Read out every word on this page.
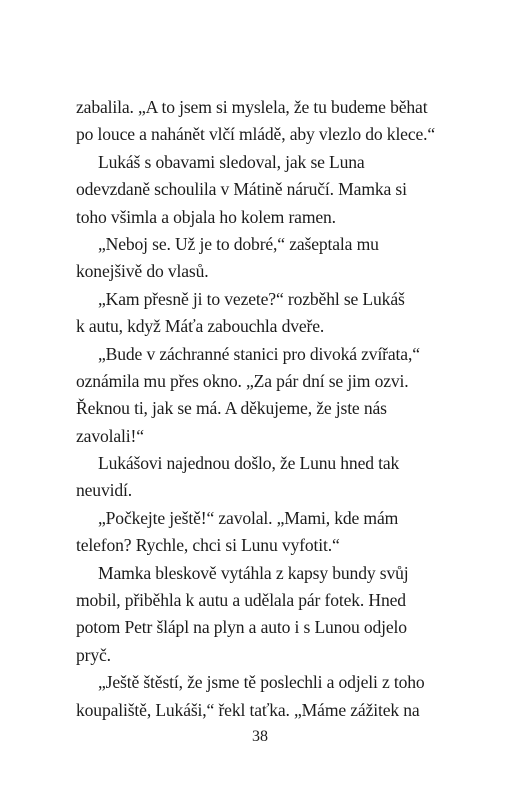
zabalila. „A to jsem si myslela, že tu budeme běhat
po louce a nahánět vlčí mládě, aby vlezlo do klece.“
Lukáš s obavami sledoval, jak se Luna
odevzdaně schoulila v Mátině náručí. Mamka si
toho všimla a objala ho kolem ramen.
„Neboj se. Už je to dobré,“ zašeptala mu
konejšivě do vlasů.
„Kam přesně ji to vezete?“ rozběhl se Lukáš
k autu, když Máťa zabouchla dveře.
„Bude v záchranné stanici pro divoká zvířata,“
oznámila mu přes okno. „Za pár dní se jim ozvi.
Řeknou ti, jak se má. A děkujeme, že jste nás
zavolali!“
Lukášovi najednou došlo, že Lunu hned tak
neuvidí.
„Počkejte ještě!“ zavolal. „Mami, kde mám
telefon? Rychle, chci si Lunu vyfotit.“
Mamka bleskově vytáhla z kapsy bundy svůj
mobil, přiběhla k autu a udělala pár fotek. Hned
potom Petr šlápl na plyn a auto i s Lunou odjelo
pryč.
„Ještě štěstí, že jsme tě poslechli a odjeli z toho
koupaliště, Lukáši,“ řekl taťka. „Máme zážitek na
38
